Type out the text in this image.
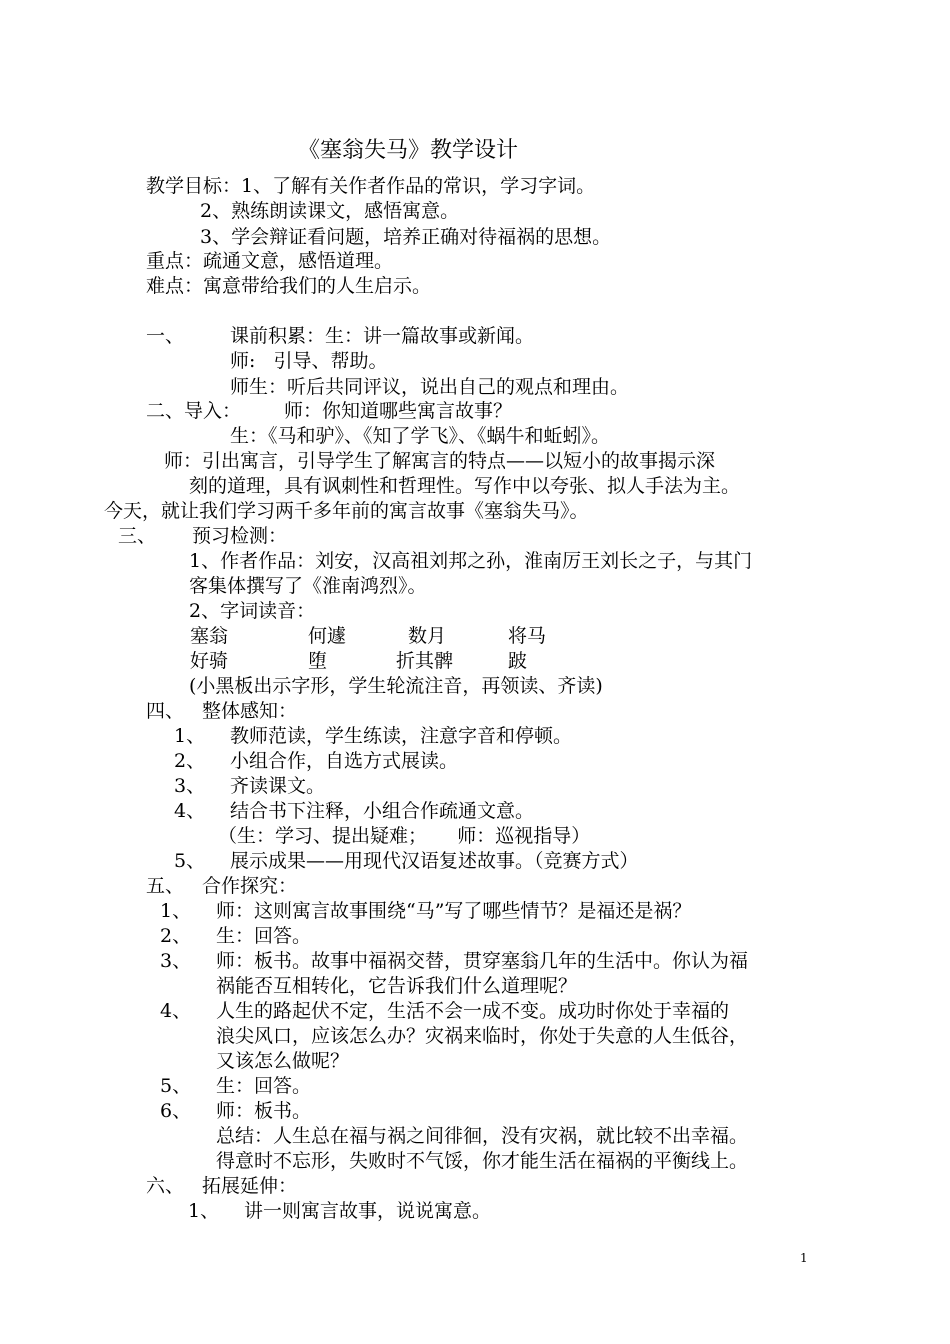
《塞翁失马》教学设计
教学目标：1、了解有关作者作品的常识，学习字词。
2、熟练朗读课文，感悟寓意。
3、学会辩证看问题，培养正确对待福祸的思想。
重点：疏通文意，感悟道理。
难点：寓意带给我们的人生启示。
一、 课前积累：生：讲一篇故事或新闻。
师:   引导、帮助。
师生：听后共同评议，说出自己的观点和理由。
二、导入： 师：你知道哪些寓言故事？
生：《马和驴》、《知了学飞》、《蜗牛和蚯蚓》。
师：引出寓言，引导学生了解寓言的特点——以短小的故事揭示深
刻的道理，具有讽刺性和哲理性。写作中以夸张、拟人手法为主。
今天，就让我们学习两千多年前的寓言故事《塞翁失马》。
三、 预习检测：
1、作者作品：刘安，汉高祖刘邦之孙，淮南厉王刘长之子，与其门
客集体撰写了《淮南鸿烈》。
2、字词读音：
塞翁	何遽	数月	将马
好骑	堕	折其髀	跛
(小黑板出示字形，学生轮流注音，再领读、齐读)
四、 整体感知：
1、 教师范读，学生练读，注意字音和停顿。
2、 小组合作，自选方式展读。
3、 齐读课文。
4、 结合书下注释，小组合作疏通文意。
（生：学习、提出疑难；     师：巡视指导）
5、 展示成果——用现代汉语复述故事。（竞赛方式）
五、 合作探究：
1、 师：这则寓言故事围绕“马”写了哪些情节？是福还是祸？
2、 生：回答。
3、 师：板书。故事中福祸交替，贯穿塞翁几年的生活中。你认为福
祸能否互相转化，它告诉我们什么道理呢？
4、 人生的路起伏不定，生活不会一成不变。成功时你处于幸福的
浪尖风口，应该怎么办？灾祸来临时，你处于失意的人生低谷，
又该怎么做呢？
5、 生：回答。
6、 师：板书。
总结：人生总在福与祸之间徘徊，没有灾祸，就比较不出幸福。
得意时不忘形，失败时不气馁，你才能生活在福祸的平衡线上。
六、 拓展延伸：
1、 讲一则寓言故事，说说寓意。
1
